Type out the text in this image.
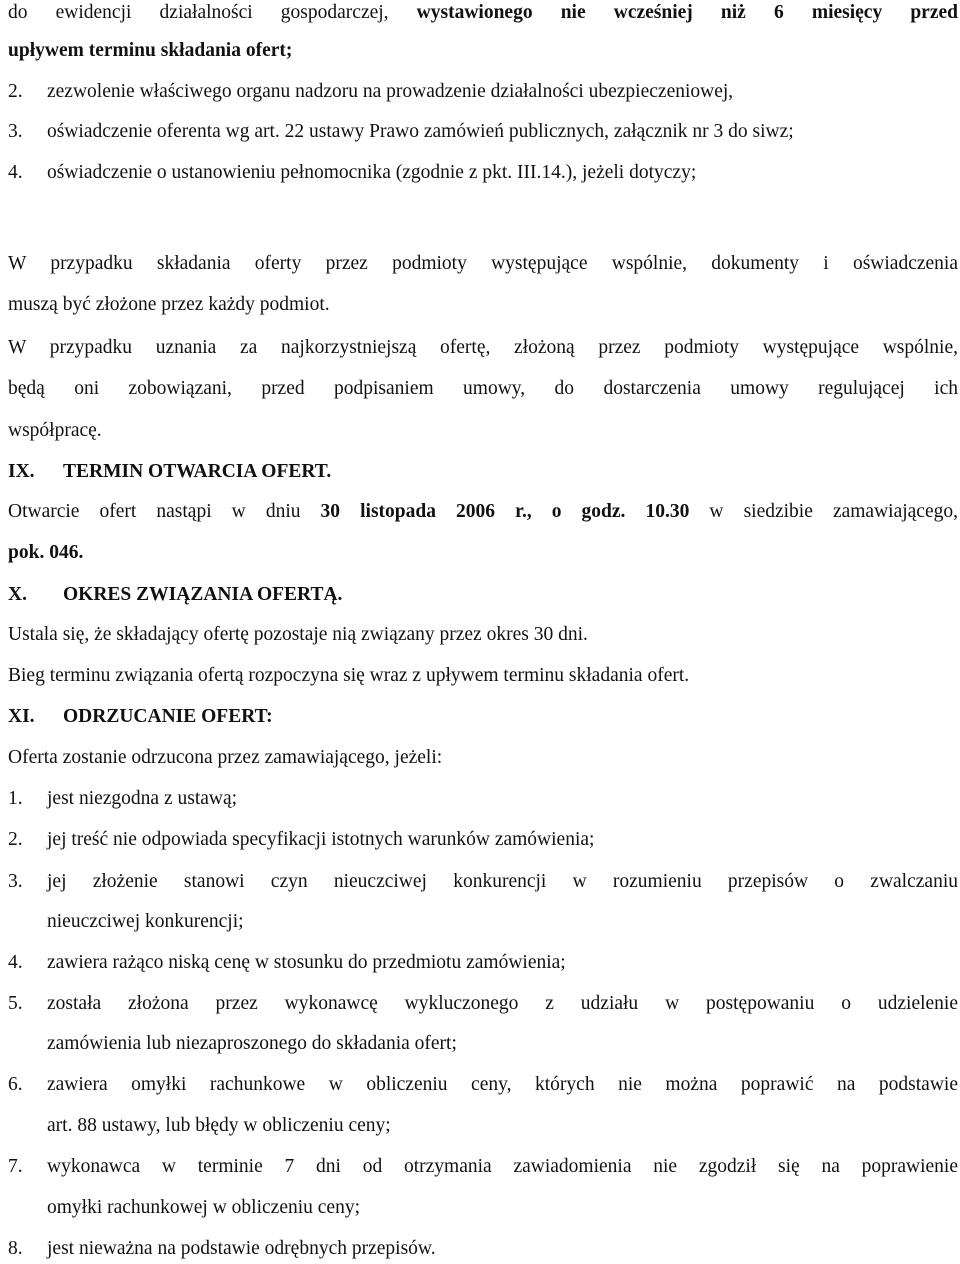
do ewidencji działalności gospodarczej, wystawionego nie wcześniej niż 6 miesięcy przed
upływem terminu składania ofert;
2. zezwolenie właściwego organu nadzoru na prowadzenie działalności ubezpieczeniowej,
3. oświadczenie oferenta wg art. 22 ustawy Prawo zamówień publicznych, załącznik nr 3 do siwz;
4. oświadczenie o ustanowieniu pełnomocnika (zgodnie z pkt. III.14.), jeżeli dotyczy;
W przypadku składania oferty przez podmioty występujące wspólnie, dokumenty i oświadczenia
muszą być złożone przez każdy podmiot.
W przypadku uznania za najkorzystniejszą ofertę, złożoną przez podmioty występujące wspólnie,
będą oni zobowiązani, przed podpisaniem umowy, do dostarczenia umowy regulującej ich
współpracę.
IX. TERMIN OTWARCIA OFERT.
Otwarcie ofert nastąpi w dniu 30 listopada 2006 r., o godz. 10.30 w siedzibie zamawiającego,
pok. 046.
X. OKRES ZWIĄZANIA OFERTĄ.
Ustala się, że składający ofertę pozostaje nią związany przez okres 30 dni.
Bieg terminu związania ofertą rozpoczyna się wraz z upływem terminu składania ofert.
XI. ODRZUCANIE OFERT:
Oferta zostanie odrzucona przez zamawiającego, jeżeli:
1. jest niezgodna z ustawą;
2. jej treść nie odpowiada specyfikacji istotnych warunków zamówienia;
3. jej złożenie stanowi czyn nieuczciwej konkurencji w rozumieniu przepisów o zwalczaniu
nieuczciwej konkurencji;
4. zawiera rażąco niską cenę w stosunku do przedmiotu zamówienia;
5. została złożona przez wykonawcę wykluczonego z udziału w postępowaniu o udzielenie
zamówienia lub niezaproszonego do składania ofert;
6. zawiera omyłki rachunkowe w obliczeniu ceny, których nie można poprawić na podstawie
art. 88 ustawy, lub błędy w obliczeniu ceny;
7. wykonawca w terminie 7 dni od otrzymania zawiadomienia nie zgodził się na poprawienie
omyłki rachunkowej w obliczeniu ceny;
8. jest nieważna na podstawie odrębnych przepisów.
